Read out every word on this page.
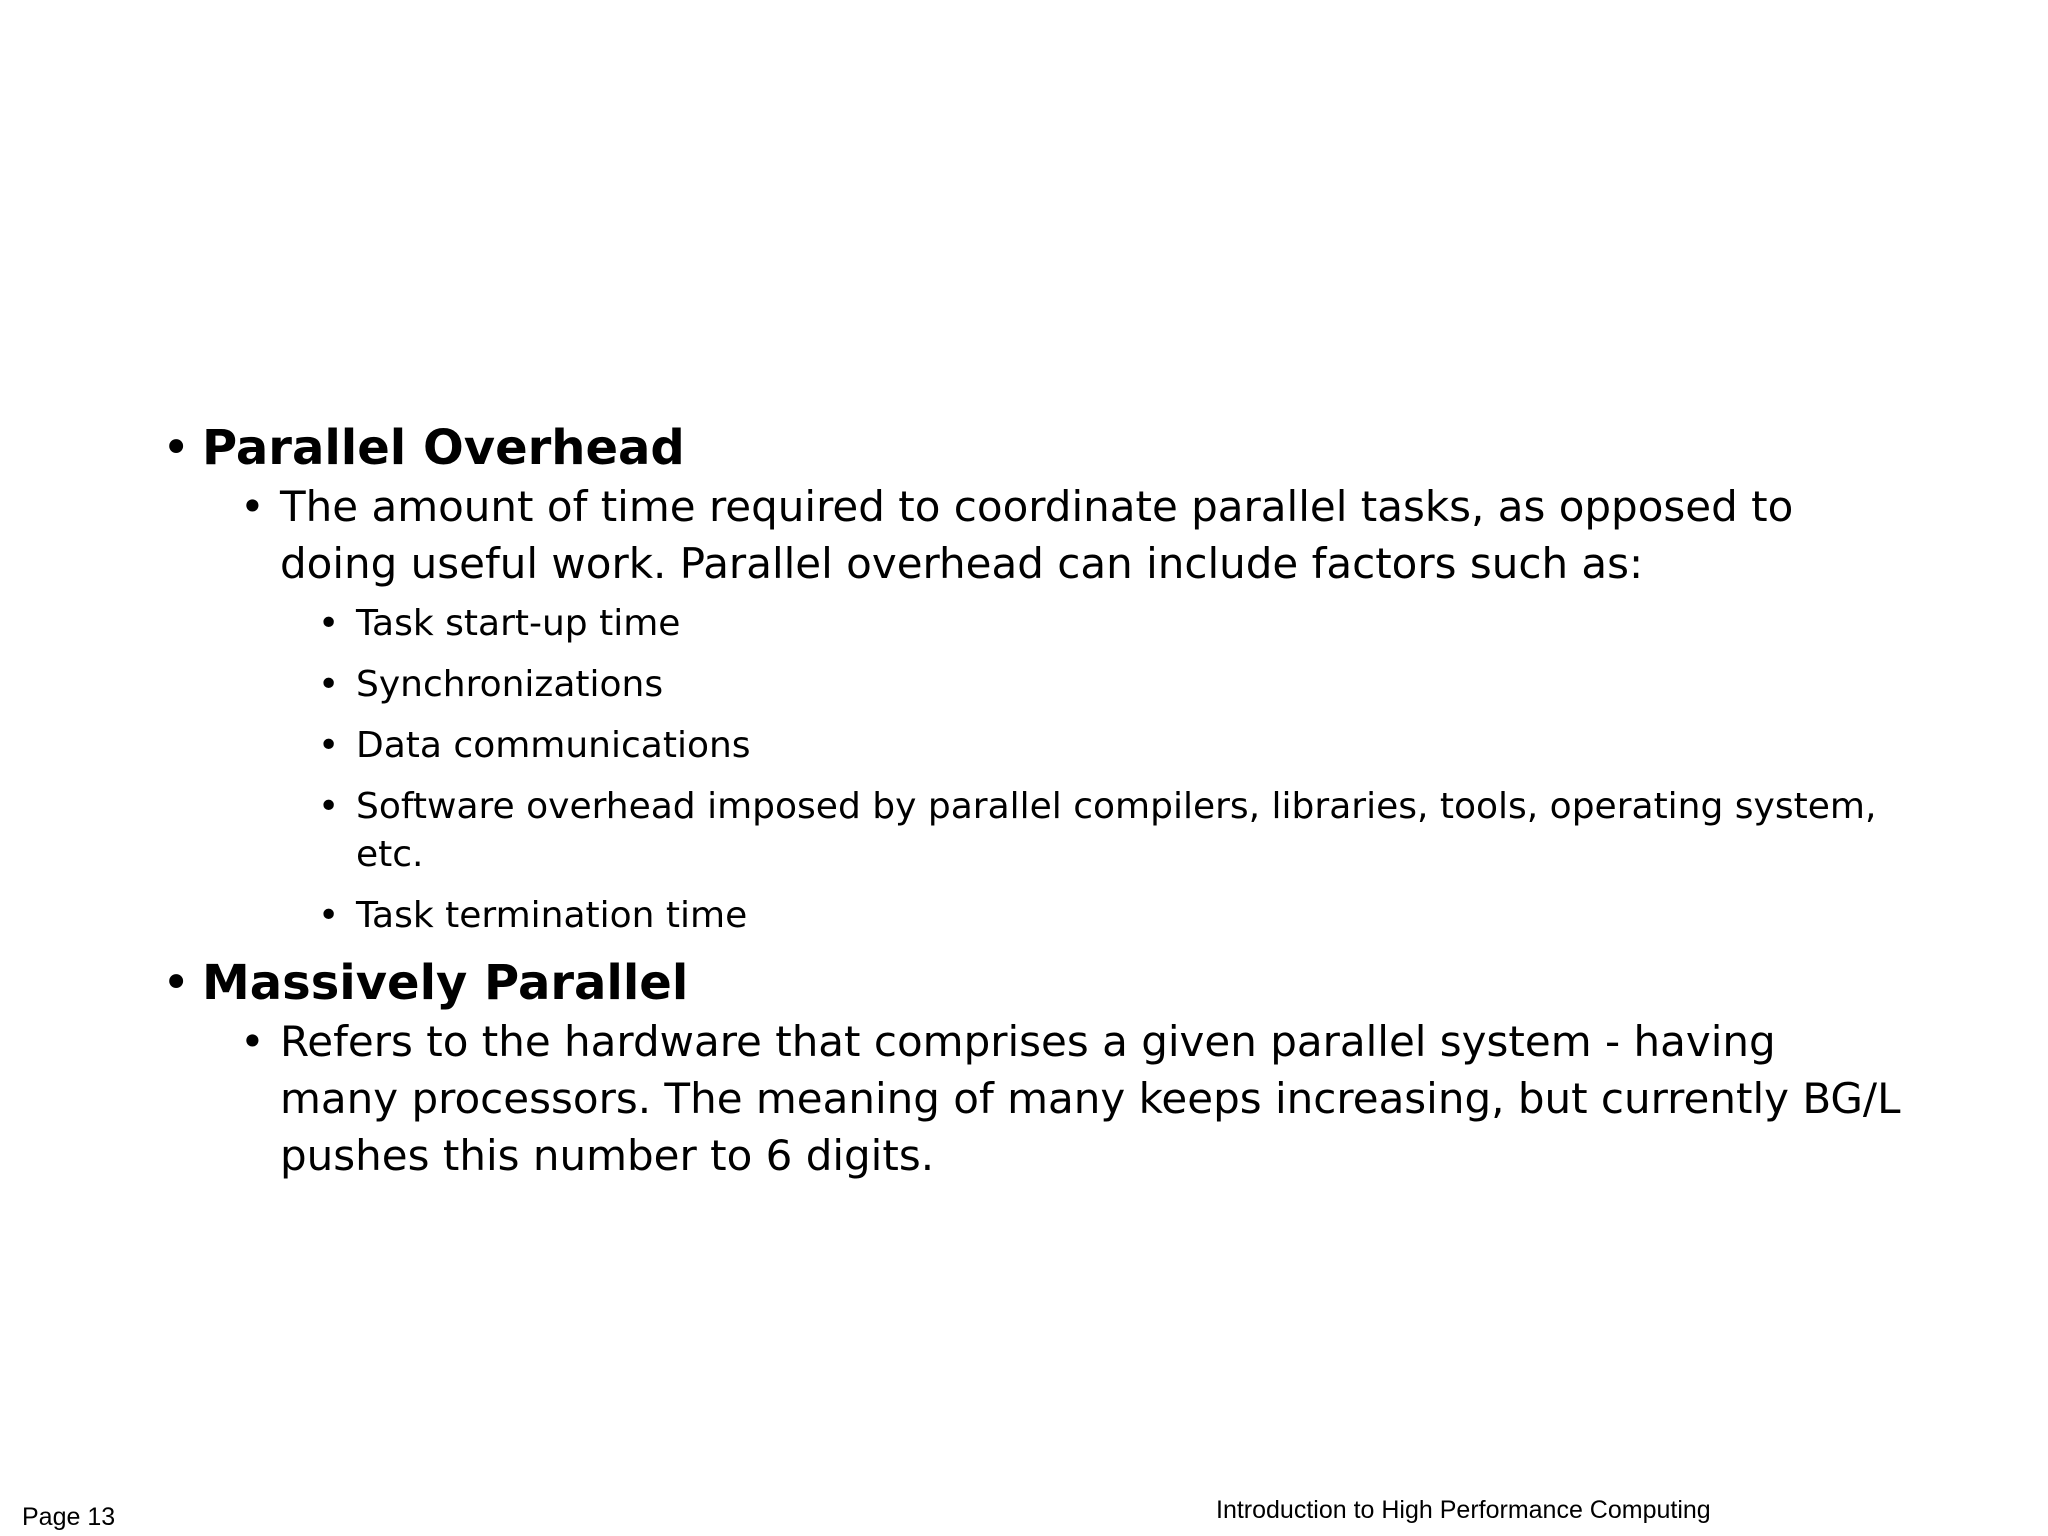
• Parallel Overhead
• The amount of time required to coordinate parallel tasks, as opposed to doing useful work. Parallel overhead can include factors such as:
• Task start-up time
• Synchronizations
• Data communications
• Software overhead imposed by parallel compilers, libraries, tools, operating system, etc.
• Task termination time
• Massively Parallel
• Refers to the hardware that comprises a given parallel system - having many processors. The meaning of many keeps increasing, but currently BG/L pushes this number to 6 digits.
Page 13	Introduction to High Performance Computing
